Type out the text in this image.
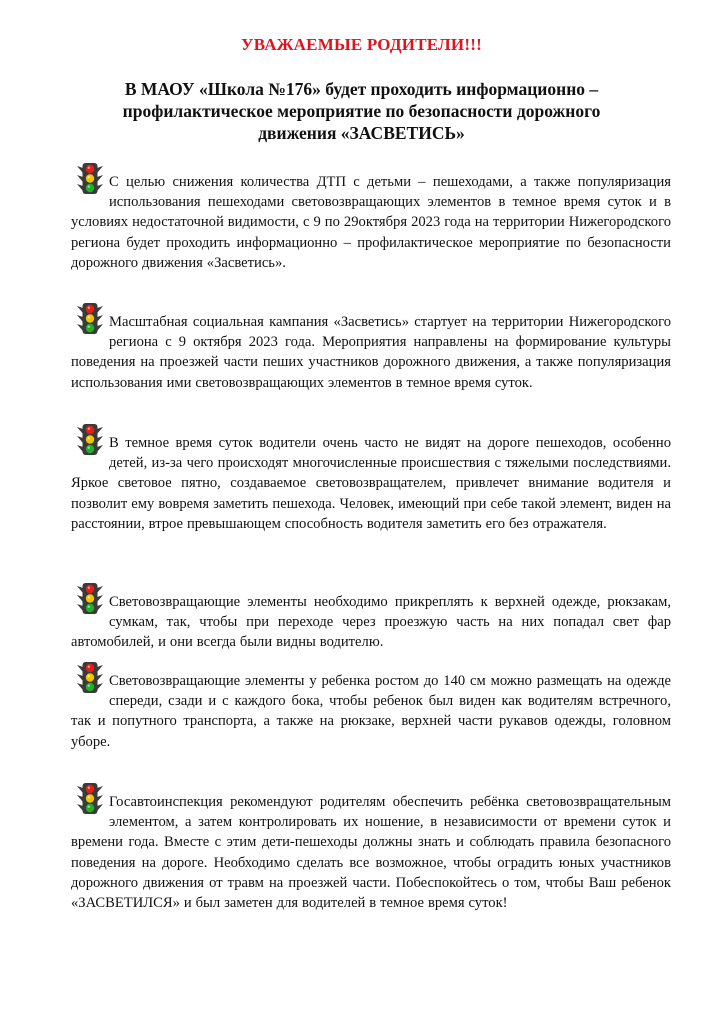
УВАЖАЕМЫЕ РОДИТЕЛИ!!!
В МАОУ «Школа №176» будет проходить информационно – профилактическое мероприятие по безопасности дорожного движения «ЗАСВЕТИСЬ»
С целью снижения количества ДТП с детьми – пешеходами, а также популяризация использования пешеходами световозвращающих элементов в темное время суток и в условиях недостаточной видимости, с 9 по 29октября 2023 года на территории Нижегородского региона будет проходить информационно – профилактическое мероприятие по безопасности дорожного движения «Засветись».
Масштабная социальная кампания «Засветись» стартует на территории Нижегородского региона с 9 октября 2023 года. Мероприятия направлены на формирование культуры поведения на проезжей части пеших участников дорожного движения, а также популяризация использования ими световозвращающих элементов в темное время суток.
В темное время суток водители очень часто не видят на дороге пешеходов, особенно детей, из-за чего происходят многочисленные происшествия с тяжелыми последствиями. Яркое световое пятно, создаваемое световозвращателем, привлечет внимание водителя и позволит ему вовремя заметить пешехода. Человек, имеющий при себе такой элемент, виден на расстоянии, втрое превышающем способность водителя заметить его без отражателя.
Световозвращающие элементы необходимо прикреплять к верхней одежде, рюкзакам, сумкам, так, чтобы при переходе через проезжую часть на них попадал свет фар автомобилей, и они всегда были видны водителю.
Световозвращающие элементы у ребенка ростом до 140 см можно размещать на одежде спереди, сзади и с каждого бока, чтобы ребенок был виден как водителям встречного, так и попутного транспорта, а также на рюкзаке, верхней части рукавов одежды, головном уборе.
Госавтоинспекция рекомендуют родителям обеспечить ребёнка световозвращательным элементом, а затем контролировать их ношение, в независимости от времени суток и времени года. Вместе с этим дети-пешеходы должны знать и соблюдать правила безопасного поведения на дороге. Необходимо сделать все возможное, чтобы оградить юных участников дорожного движения от травм на проезжей части. Побеспокойтесь о том, чтобы Ваш ребенок «ЗАСВЕТИЛСЯ» и был заметен для водителей в темное время суток!
